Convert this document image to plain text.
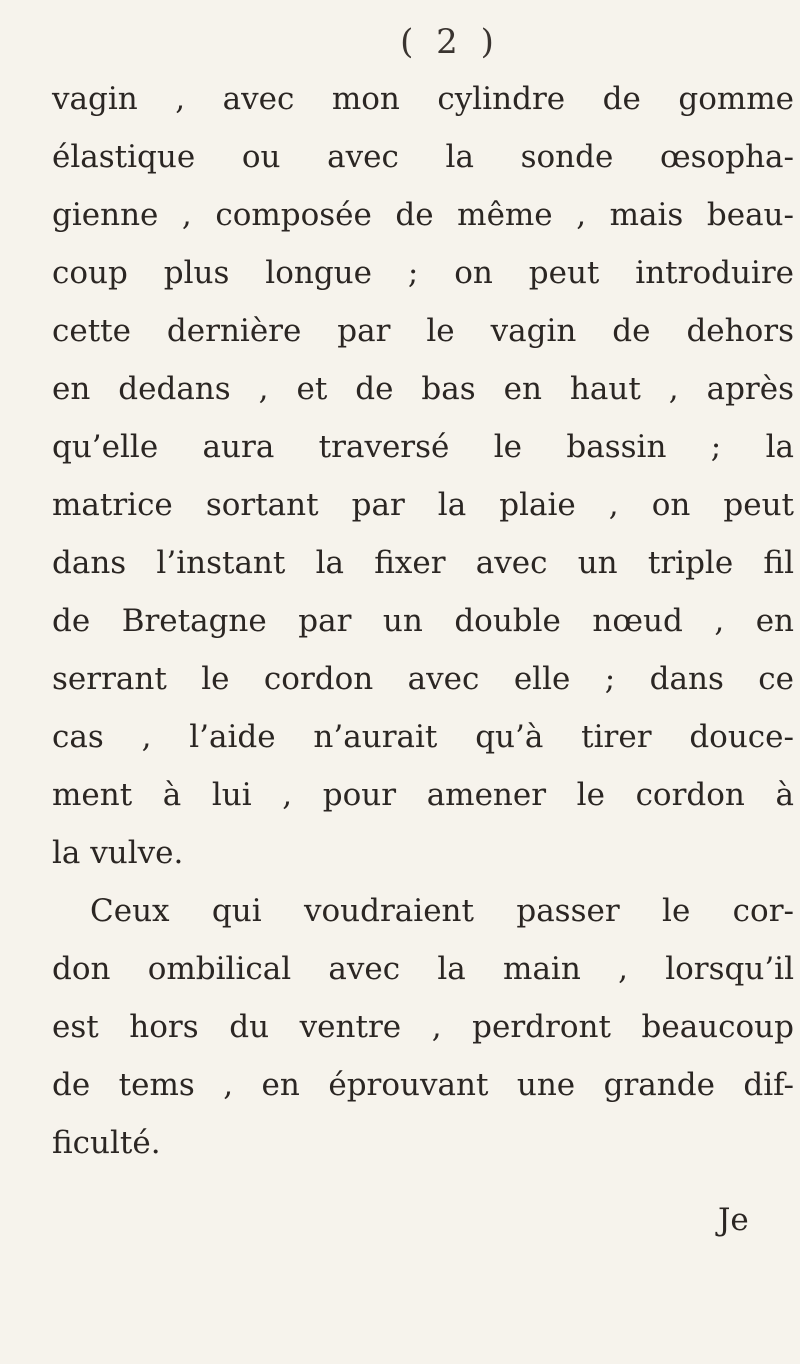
( 2 )
vagin , avec mon cylindre de gomme
élastique ou avec la sonde œsopha-
gienne , composée de même , mais beau-
coup plus longue ; on peut introduire
cette dernière par le vagin de dehors
en dedans , et de bas en haut , après
qu’elle aura traversé le bassin ; la
matrice sortant par la plaie , on peut
dans l’instant la fixer avec un triple fil
de Bretagne par un double nœud , en
serrant le cordon avec elle ; dans ce
cas , l’aide n’aurait qu’à tirer douce-
ment à lui , pour amener le cordon à
la vulve.
Ceux qui voudraient passer le cor-
don ombilical avec la main , lorsqu’il
est hors du ventre , perdront beaucoup
de tems , en éprouvant une grande dif-
ficulté.
Je
